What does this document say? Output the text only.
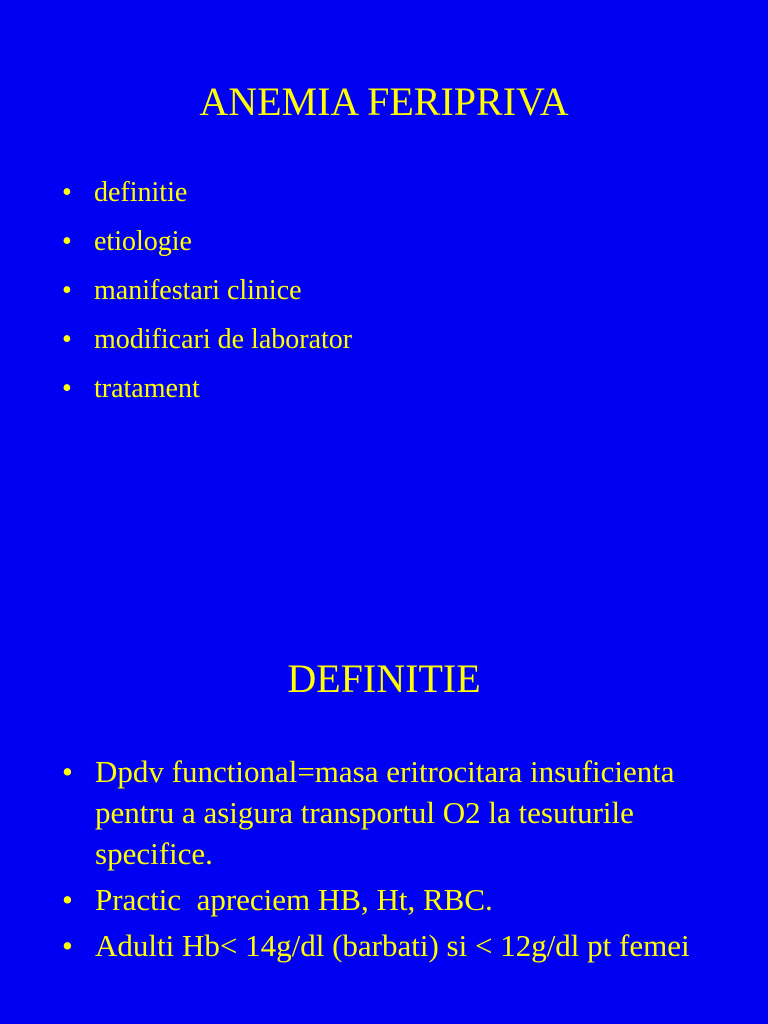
ANEMIA FERIPRIVA
• definitie
• etiologie
• manifestari clinice
• modificari de laborator
• tratament
DEFINITIE
• Dpdv functional=masa eritrocitara insuficienta pentru a asigura transportul O2 la tesuturile specifice.
• Practic  apreciem HB, Ht, RBC.
• Adulti Hb< 14g/dl (barbati) si < 12g/dl pt femei
